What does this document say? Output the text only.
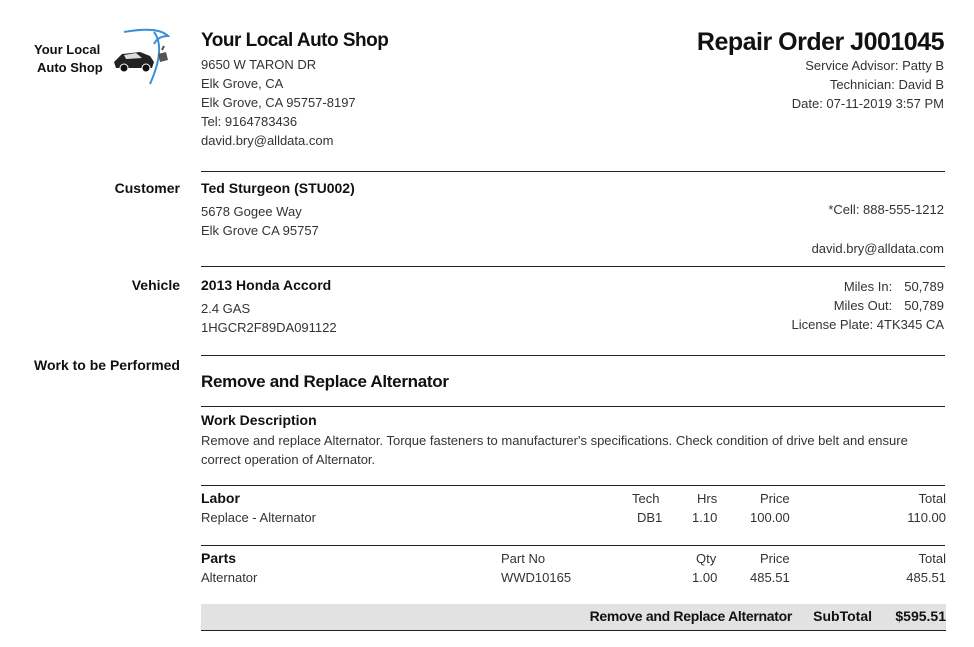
Your Local
Auto Shop
Your Local Auto Shop
9650 W TARON DR
Elk Grove, CA
Elk Grove, CA 95757-8197
Tel: 9164783436
david.bry@alldata.com
Repair Order J001045
Service Advisor: Patty B
Technician: David B
Date: 07-11-2019 3:57 PM
Customer Ted Sturgeon (STU002)
5678 Gogee Way
Elk Grove CA 95757
*Cell: 888-555-1212
david.bry@alldata.com
Vehicle 2013 Honda Accord
2.4 GAS
1HGCR2F89DA091122
Miles In: 50,789
Miles Out: 50,789
License Plate: 4TK345 CA
Work to be Performed
Remove and Replace Alternator
Work Description
Remove and replace Alternator. Torque fasteners to manufacturer's specifications. Check condition of drive belt and ensure correct operation of Alternator.
Labor	Tech	Hrs	Price	Total
Replace - Alternator	DB1 1.10	100.00	110.00
Parts	Part No	Qty	Price	Total
Alternator	WWD10165	1.00	485.51	485.51
Remove and Replace Alternator SubTotal $595.51
